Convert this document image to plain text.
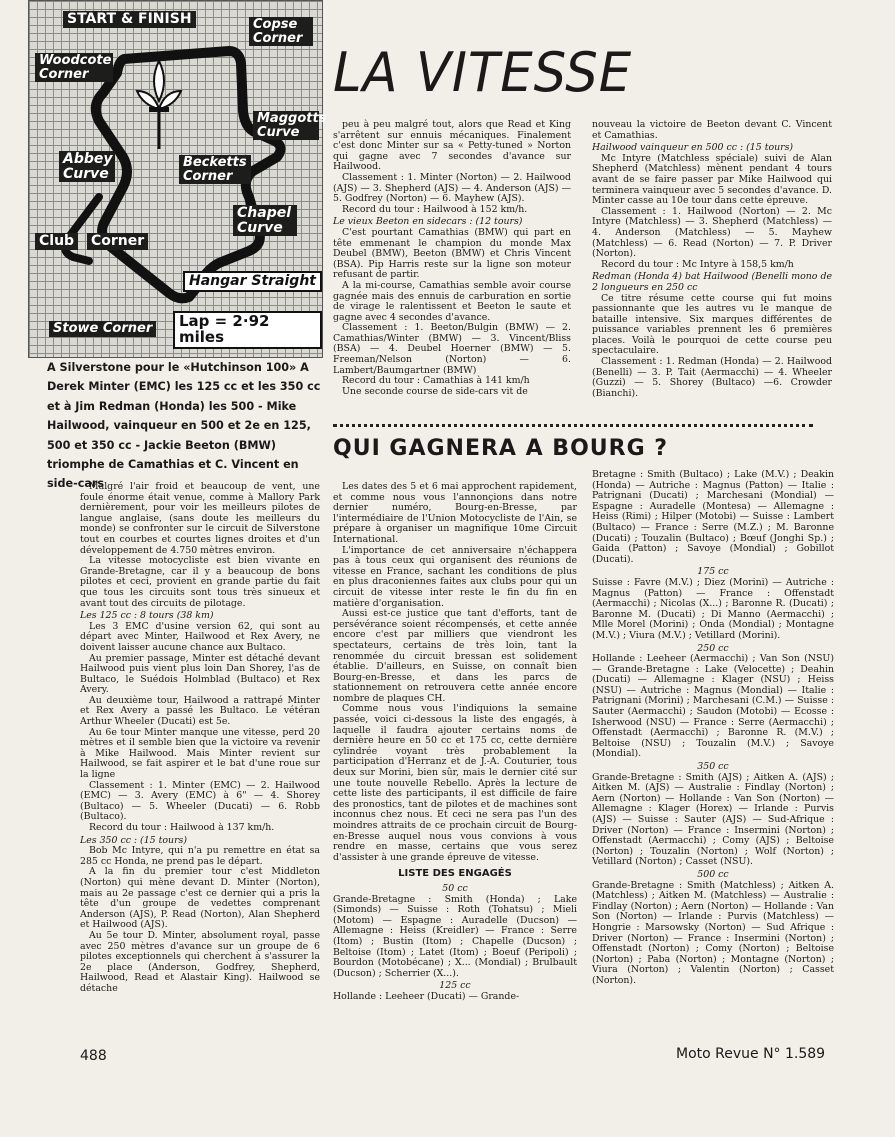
START & FINISH	Copse Corner
Woodcote Corner
Maggotts Curve
Abbey Curve
Becketts Corner
Chapel Curve
Club Corner
Hangar Straight
Stowe Corner	Lap = 2·92 miles
LA VITESSE
A Silverstone pour le «Hutchinson 100» A Derek Minter (EMC) les 125 cc et les 350 cc et à Jim Redman (Honda) les 500 - Mike Hailwood, vainqueur en 500 et 2e en 125, 500 et 350 cc - Jackie Beeton (BMW) triomphe de Camathias et C. Vincent en side-cars

Malgré l'air froid et beaucoup de vent, une foule énorme était venue, comme à Mallory Park dernièrement, pour voir les meilleurs pilotes de langue anglaise, (sans doute les meilleurs du monde) se confronter sur le circuit de Silverstone tout en courbes et courtes lignes droites et d'un développement de 4.750 mètres environ.

La vitesse motocycliste est bien vivante en Grande-Bretagne, car il y a beaucoup de bons pilotes et ceci, provient en grande partie du fait que tous les circuits sont tous très sinueux et avant tout des circuits de pilotage.

Les 125 cc : 8 tours (38 km)

Les 3 EMC d'usine version 62, qui sont au départ avec Minter, Hailwood et Rex Avery, ne doivent laisser aucune chance aux Bultaco.

Au premier passage, Minter est détaché devant Hailwood puis vient plus loin Dan Shorey, l'as de Bultaco, le Suédois Holmblad (Bultaco) et Rex Avery.

Au deuxième tour, Hailwood a rattrapé Minter et Rex Avery a passé les Bultaco. Le vétéran Arthur Wheeler (Ducati) est 5e.

Au 6e tour Minter manque une vitesse, perd 20 mètres et il semble bien que la victoire va revenir à Mike Hailwood. Mais Minter revient sur Hailwood, se fait aspirer et le bat d'une roue sur la ligne

Classement : 1. Minter (EMC) — 2. Hailwood (EMC) — 3. Avery (EMC) à 6" — 4. Shorey (Bultaco) — 5. Wheeler (Ducati) — 6. Robb (Bultaco).

Record du tour : Hailwood à 137 km/h.

Les 350 cc : (15 tours)

Bob Mc Intyre, qui n'a pu remettre en état sa 285 cc Honda, ne prend pas le départ.

A la fin du premier tour c'est Middleton (Norton) qui mène devant D. Minter (Norton), mais au 2e passage c'est ce dernier qui a pris la tête d'un groupe de vedettes comprenant Anderson (AJS), P. Read (Norton), Alan Shepherd et Hailwood (AJS).

Au 5e tour D. Minter, absolument royal, passe avec 250 mètres d'avance sur un groupe de 6 pilotes exceptionnels qui cherchent à s'assurer la 2e place (Anderson, Godfrey, Shepherd, Hailwood, Read et Alastair King). Hailwood se détache

peu à peu malgré tout, alors que Read et King s'arrêtent sur ennuis mécaniques. Finalement c'est donc Minter sur sa « Petty-tuned » Norton qui gagne avec 7 secondes d'avance sur Hailwood.

Classement : 1. Minter (Norton) — 2. Hailwood (AJS) — 3. Shepherd (AJS) — 4. Anderson (AJS) — 5. Godfrey (Norton) — 6. Mayhew (AJS).

Record du tour : Hailwood à 152 km/h.

Le vieux Beeton en sidecars : (12 tours)

C'est pourtant Camathias (BMW) qui part en tête emmenant le champion du monde Max Deubel (BMW), Beeton (BMW) et Chris Vincent (BSA). Pip Harris reste sur la ligne son moteur refusant de partir.

A la mi-course, Camathias semble avoir course gagnée mais des ennuis de carburation en sortie de virage le ralentissent et Beeton le saute et gagne avec 4 secondes d'avance.

Classement : 1. Beeton/Bulgin (BMW) — 2. Camathias/Winter (BMW) — 3. Vincent/Bliss (BSA) — 4. Deubel Hoerner (BMW) — 5. Freeman/Nelson (Norton) — 6. Lambert/Baumgartner (BMW)

Record du tour : Camathias à 141 km/h

Une seconde course de side-cars vit de

nouveau la victoire de Beeton devant C. Vincent et Camathias.

Hailwood vainqueur en 500 cc : (15 tours)

Mc Intyre (Matchless spéciale) suivi de Alan Shepherd (Matchless) mènent pendant 4 tours avant de se faire passer par Mike Hailwood qui terminera vainqueur avec 5 secondes d'avance. D. Minter casse au 10e tour dans cette épreuve.

Classement : 1. Hailwood (Norton) — 2. Mc Intyre (Matchless) — 3. Shepherd (Matchless) — 4. Anderson (Matchless) — 5. Mayhew (Matchless) — 6. Read (Norton) — 7. P. Driver (Norton).

Record du tour : Mc Intyre à 158,5 km/h

Redman (Honda 4) bat Hailwood (Benelli mono de 2 longueurs en 250 cc

Ce titre résume cette course qui fut moins passionnante que les autres vu le manque de bataille intensive. Six marques différentes de puissance variables prennent les 6 premières places. Voilà le pourquoi de cette course peu spectaculaire.

Classement : 1. Redman (Honda) — 2. Hailwood (Benelli) — 3. P. Tait (Aermacchi) — 4. Wheeler (Guzzi) — 5. Shorey (Bultaco) —6. Crowder (Bianchi).

QUI GAGNERA A BOURG ?

Les dates des 5 et 6 mai approchent rapidement, et comme nous vous l'annonçions dans notre dernier numéro, Bourg-en-Bresse, par l'intermédiaire de l'Union Motocycliste de l'Ain, se prépare à organiser un magnifique 10me Circuit International.

L'importance de cet anniversaire n'échappera pas à tous ceux qui organisent des réunions de vitesse en France, sachant les conditions de plus en plus draconiennes faites aux clubs pour qui un circuit de vitesse inter reste le fin du fin en matière d'organisation.

Aussi est-ce justice que tant d'efforts, tant de persévérance soient récompensés, et cette année encore c'est par milliers que viendront les spectateurs, certains de très loin, tant la renommée du circuit bressan est solidement établie. D'ailleurs, en Suisse, on connaît bien Bourg-en-Bresse, et dans les parcs de stationnement on retrouvera cette année encore nombre de plaques CH.

Comme nous vous l'indiquions la semaine passée, voici ci-dessous la liste des engagés, à laquelle il faudra ajouter certains noms de dernière heure en 50 cc et 175 cc, cette dernière cylindrée voyant très probablement la participation d'Herranz et de J.-A. Couturier, tous deux sur Morini, bien sûr, mais le dernier cité sur une toute nouvelle Rebello. Après la lecture de cette liste des participants, il est difficile de faire des pronostics, tant de pilotes et de machines sont inconnus chez nous. Et ceci ne sera pas l'un des moindres attraits de ce prochain circuit de Bourg-en-Bresse auquel nous vous convions à vous rendre en masse, certains que vous serez d'assister à une grande épreuve de vitesse.

LISTE DES ENGAGÉS

50 cc

Grande-Bretagne : Smith (Honda) ; Lake (Simonds) — Suisse : Roth (Tohatsu) ; Mieli (Motom) — Espagne : Auradelle (Ducson) — Allemagne : Heiss (Kreidler) — France : Serre (Itom) ; Bustin (Itom) ; Chapelle (Ducson) ; Beltoise (Itom) ; Latet (Itom) ; Boeuf (Peripoli) ; Bourdon (Motobécane) ; X... (Mondial) ; Brulbault (Ducson) ; Scherrier (X...).

125 cc

Hollande : Leeheer (Ducati) — Grande-

Bretagne : Smith (Bultaco) ; Lake (M.V.) ; Deakin (Honda) — Autriche : Magnus (Patton) — Italie : Patrignani (Ducati) ; Marchesani (Mondial) — Espagne : Auradelle (Montesa) — Allemagne : Heiss (Rimi) ; Hilper (Motobi) — Suisse : Lambert (Bultaco) — France : Serre (M.Z.) ; M. Baronne (Ducati) ; Touzalin (Bultaco) ; Bœuf (Jonghi Sp.) ; Gaida (Patton) ; Savoye (Mondial) ; Gobillot (Ducati).

175 cc

Suisse : Favre (M.V.) ; Diez (Morini) — Autriche : Magnus (Patton) — France : Offenstadt (Aermacchi) ; Nicolas (X...) ; Baronne R. (Ducati) ; Baronne M. (Ducati) ; Di Manno (Aermacchi) ; Mlle Morel (Morini) ; Onda (Mondial) ; Montagne (M.V.) ; Viura (M.V.) ; Vetillard (Morini).

250 cc

Hollande : Leeheer (Aermacchi) ; Van Son (NSU) — Grande-Bretagne : Lake (Velocette) ; Deahin (Ducati) — Allemagne : Klager (NSU) ; Heiss (NSU) — Autriche : Magnus (Mondial) — Italie : Patrignani (Morini) ; Marchesani (C.M.) — Suisse : Sauter (Aermacchi) ; Saudon (Motobi) — Ecosse : Isherwood (NSU) — France : Serre (Aermacchi) ; Offenstadt (Aermacchi) ; Baronne R. (M.V.) ; Beltoise (NSU) ; Touzalin (M.V.) ; Savoye (Mondial).

350 cc

Grande-Bretagne : Smith (AJS) ; Aitken A. (AJS) ; Aitken M. (AJS) — Australie : Findlay (Norton) ; Aern (Norton) — Hollande : Van Son (Norton) — Allemagne : Klager (Horex) — Irlande : Purvis (AJS) — Suisse : Sauter (AJS) — Sud-Afrique : Driver (Norton) — France : Insermini (Norton) ; Offenstadt (Aermacchi) ; Comy (AJS) ; Beltoise (Norton) ; Touzalin (Norton) ; Wolf (Norton) ; Vetillard (Norton) ; Casset (NSU).

500 cc

Grande-Bretagne : Smith (Matchless) ; Aitken A. (Matchless) ; Aitken M. (Matchless) — Australie : Findlay (Norton) ; Aern (Norton) — Hollande : Van Son (Norton) — Irlande : Purvis (Matchless) — Hongrie : Marsowsky (Norton) — Sud Afrique : Driver (Norton) — France : Insermini (Norton) ; Offenstadt (Norton) ; Comy (Norton) ; Beltoise (Norton) ; Paba (Norton) ; Montagne (Norton) ; Viura (Norton) ; Valentin (Norton) ; Casset (Norton).

488	Moto Revue N° 1.589
